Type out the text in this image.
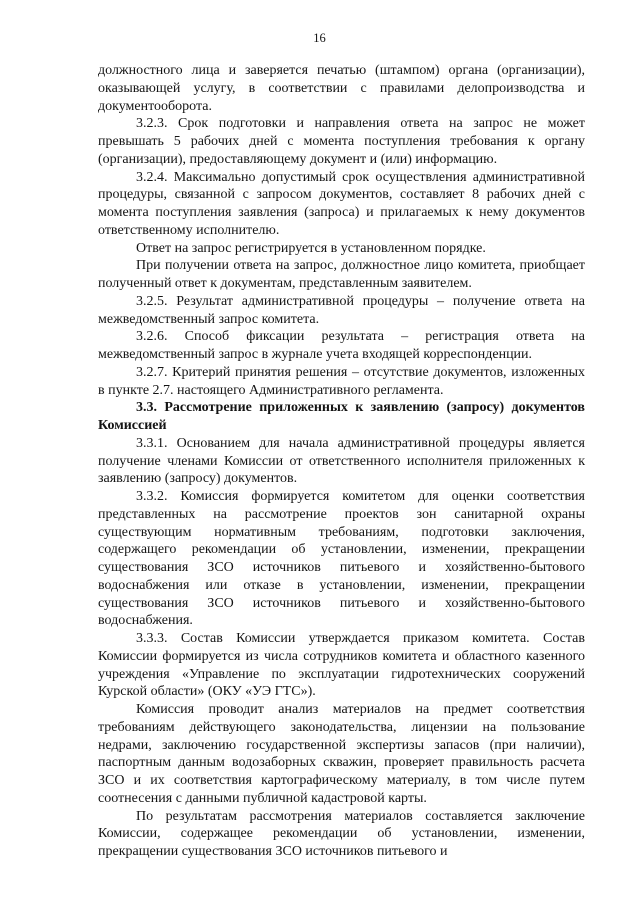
16

должностного лица и заверяется печатью (штампом) органа (организации), оказывающей услугу, в соответствии с правилами делопроизводства и документооборота.

3.2.3. Срок подготовки и направления ответа на запрос не может превышать 5 рабочих дней с момента поступления требования к органу (организации), предоставляющему документ и (или) информацию.

3.2.4. Максимально допустимый срок осуществления административной процедуры, связанной с запросом документов, составляет 8 рабочих дней с момента поступления заявления (запроса) и прилагаемых к нему документов ответственному исполнителю.

Ответ на запрос регистрируется в установленном порядке.

При получении ответа на запрос, должностное лицо комитета, приобщает полученный ответ к документам, представленным заявителем.

3.2.5. Результат административной процедуры – получение ответа на межведомственный запрос комитета.

3.2.6. Способ фиксации результата – регистрация ответа на межведомственный запрос в журнале учета входящей корреспонденции.

3.2.7. Критерий принятия решения – отсутствие документов, изложенных в пункте 2.7. настоящего Административного регламента.

3.3. Рассмотрение приложенных к заявлению (запросу) документов Комиссией

3.3.1. Основанием для начала административной процедуры является получение членами Комиссии от ответственного исполнителя приложенных к заявлению (запросу) документов.

3.3.2. Комиссия формируется комитетом для оценки соответствия представленных на рассмотрение проектов зон санитарной охраны существующим нормативным требованиям, подготовки заключения, содержащего рекомендации об установлении, изменении, прекращении существования ЗСО источников питьевого и хозяйственно-бытового водоснабжения или отказе в установлении, изменении, прекращении существования ЗСО источников питьевого и хозяйственно-бытового водоснабжения.

3.3.3. Состав Комиссии утверждается приказом комитета. Состав Комиссии формируется из числа сотрудников комитета и областного казенного учреждения «Управление по эксплуатации гидротехнических сооружений Курской области» (ОКУ «УЭ ГТС»).

Комиссия проводит анализ материалов на предмет соответствия требованиям действующего законодательства, лицензии на пользование недрами, заключению государственной экспертизы запасов (при наличии), паспортным данным водозаборных скважин, проверяет правильность расчета ЗСО и их соответствия картографическому материалу, в том числе путем соотнесения с данными публичной кадастровой карты.

По результатам рассмотрения материалов составляется заключение Комиссии, содержащее рекомендации об установлении, изменении, прекращении существования ЗСО источников питьевого и
